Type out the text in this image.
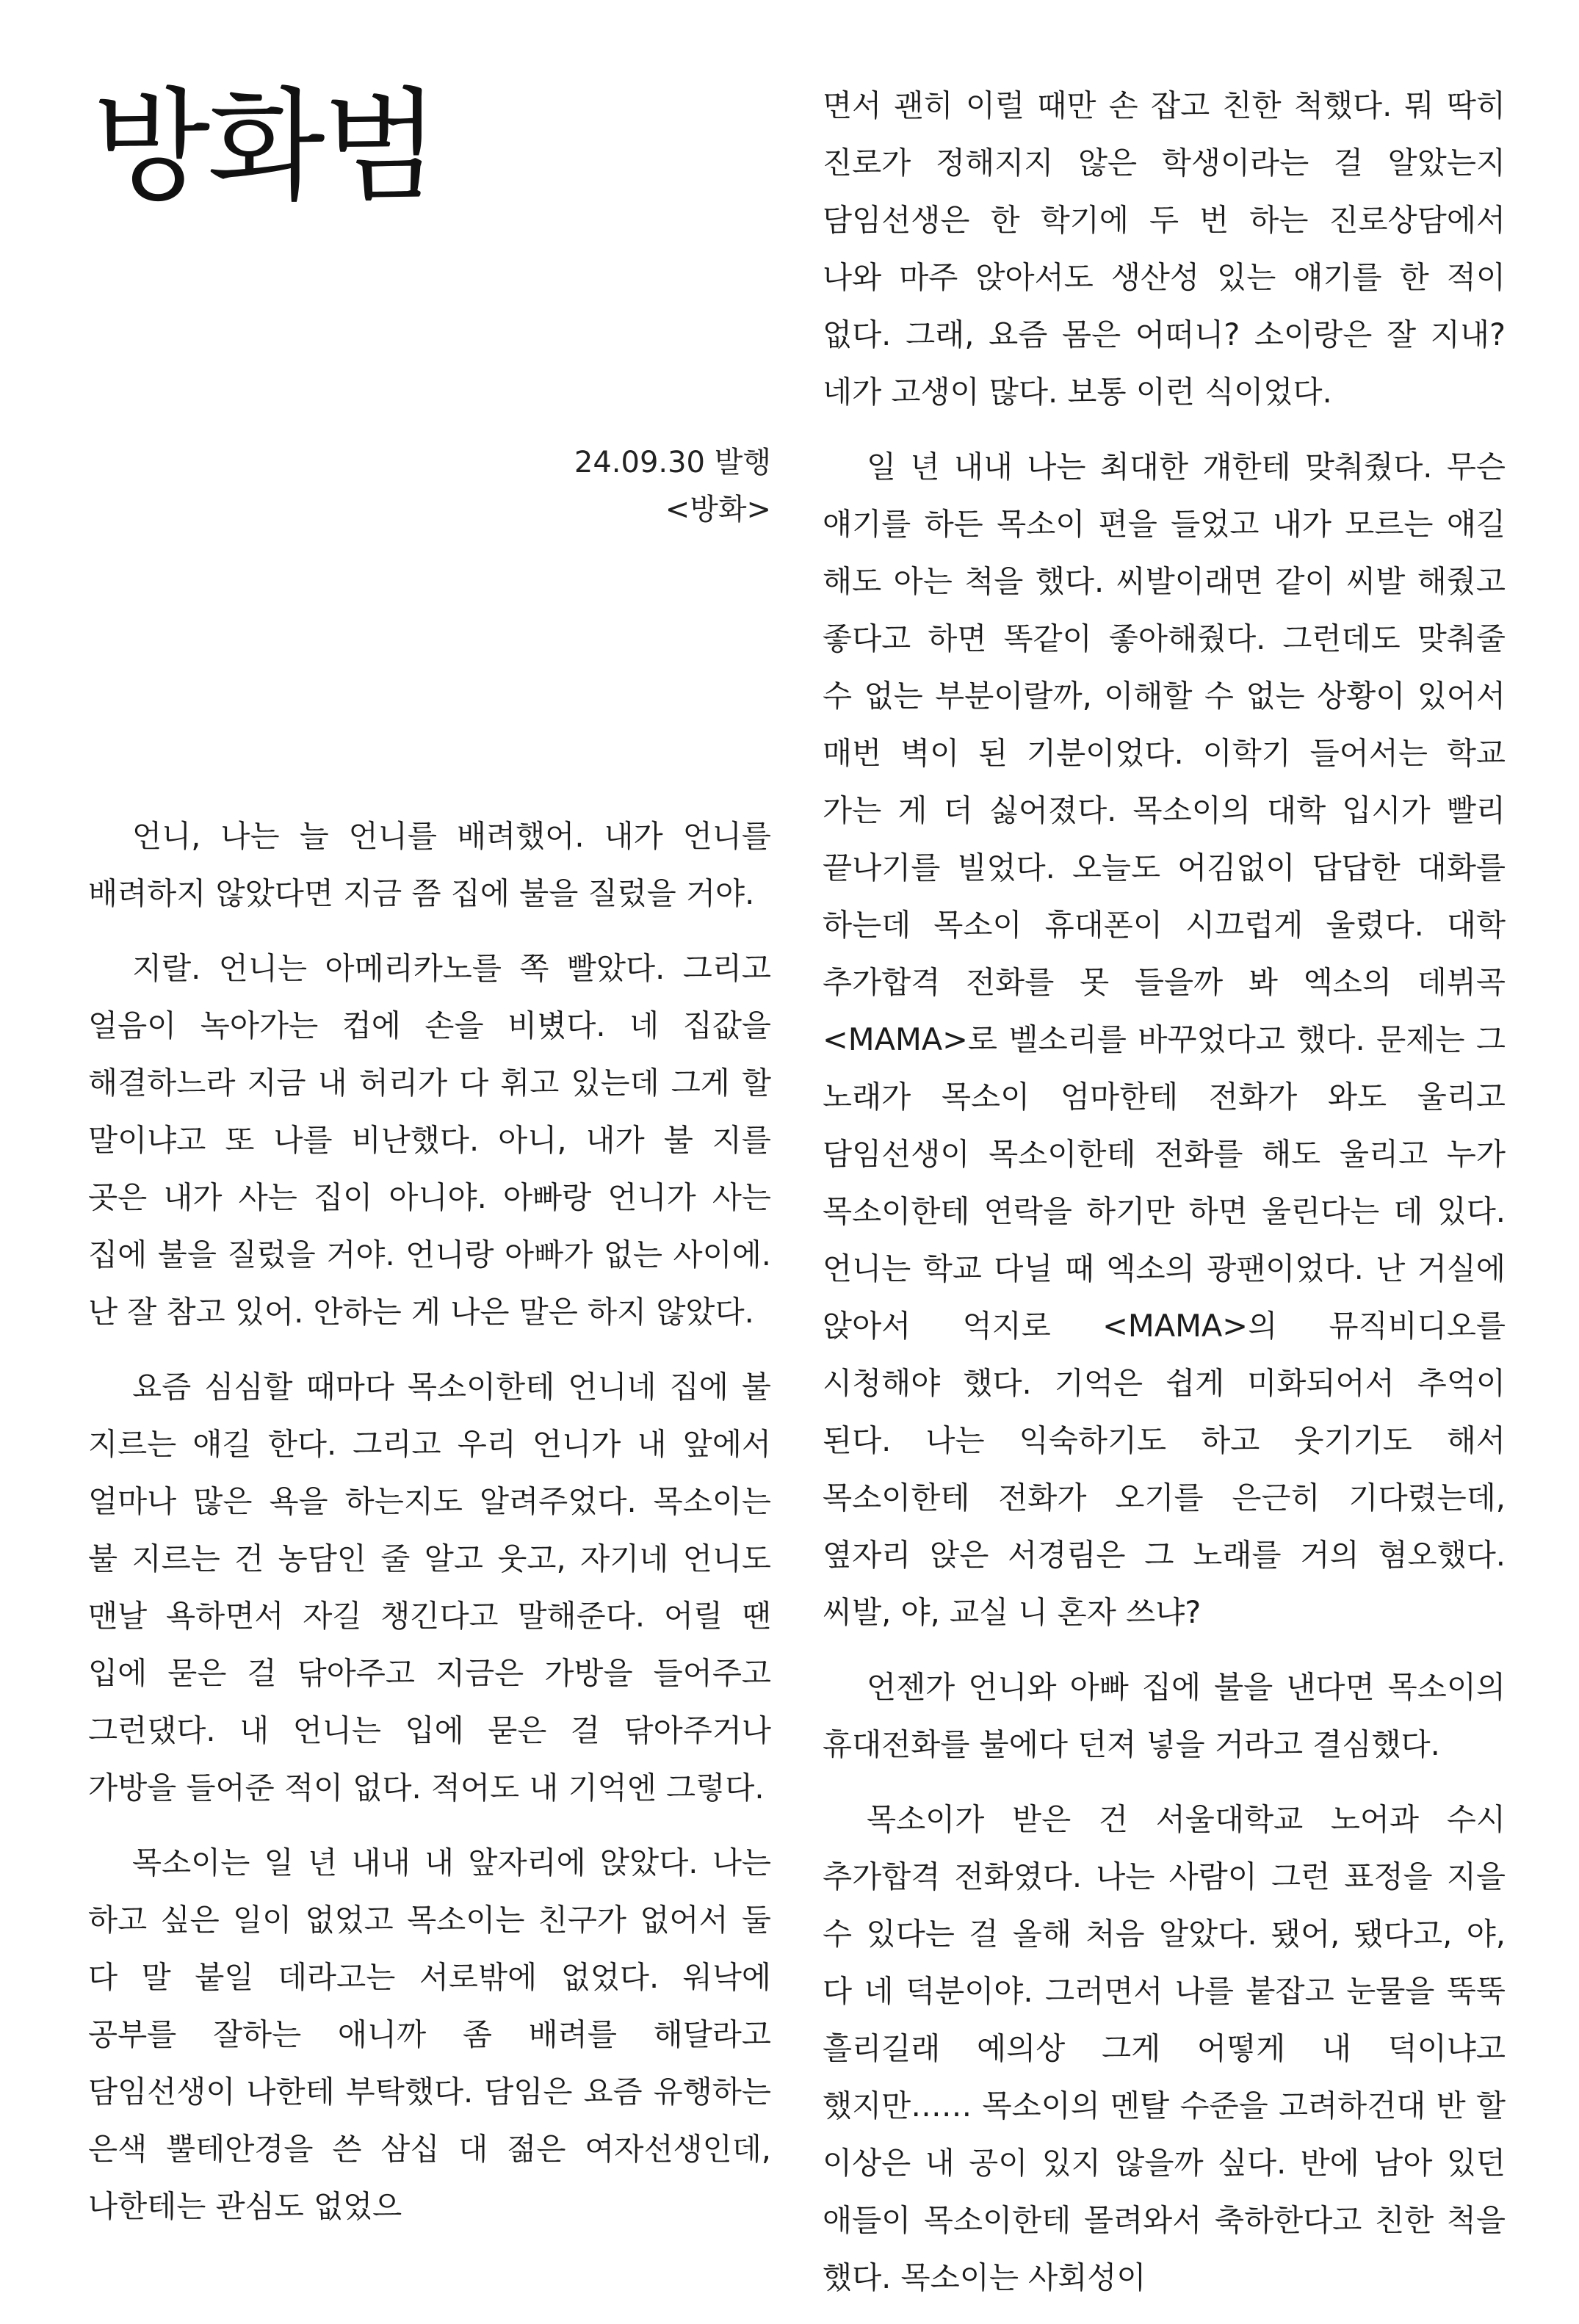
방화범
24.09.30 발행
<방화>

언니, 나는 늘 언니를 배려했어. 내가 언니를 배려하지 않았다면 지금 쯤 집에 불을 질렀을 거야.

지랄. 언니는 아메리카노를 쪽 빨았다. 그리고 얼음이 녹아가는 컵에 손을 비볐다. 네 집값을 해결하느라 지금 내 허리가 다 휘고 있는데 그게 할 말이냐고 또 나를 비난했다. 아니, 내가 불 지를 곳은 내가 사는 집이 아니야. 아빠랑 언니가 사는 집에 불을 질렀을 거야. 언니랑 아빠가 없는 사이에. 난 잘 참고 있어. 안하는 게 나은 말은 하지 않았다.

요즘 심심할 때마다 목소이한테 언니네 집에 불 지르는 얘길 한다. 그리고 우리 언니가 내 앞에서 얼마나 많은 욕을 하는지도 알려주었다. 목소이는 불 지르는 건 농담인 줄 알고 웃고, 자기네 언니도 맨날 욕하면서 자길 챙긴다고 말해준다. 어릴 땐 입에 묻은 걸 닦아주고 지금은 가방을 들어주고 그런댔다. 내 언니는 입에 묻은 걸 닦아주거나 가방을 들어준 적이 없다. 적어도 내 기억엔 그렇다.

목소이는 일 년 내내 내 앞자리에 앉았다. 나는 하고 싶은 일이 없었고 목소이는 친구가 없어서 둘 다 말 붙일 데라고는 서로밖에 없었다. 워낙에 공부를 잘하는 애니까 좀 배려를 해달라고 담임선생이 나한테 부탁했다. 담임은 요즘 유행하는 은색 뿔테안경을 쓴 삼십 대 젊은 여자선생인데, 나한테는 관심도 없었으

면서 괜히 이럴 때만 손 잡고 친한 척했다. 뭐 딱히 진로가 정해지지 않은 학생이라는 걸 알았는지 담임선생은 한 학기에 두 번 하는 진로상담에서 나와 마주 앉아서도 생산성 있는 얘기를 한 적이 없다. 그래, 요즘 몸은 어떠니? 소이랑은 잘 지내? 네가 고생이 많다. 보통 이런 식이었다.

일 년 내내 나는 최대한 걔한테 맞춰줬다. 무슨 얘기를 하든 목소이 편을 들었고 내가 모르는 얘길 해도 아는 척을 했다. 씨발이래면 같이 씨발 해줬고 좋다고 하면 똑같이 좋아해줬다. 그런데도 맞춰줄 수 없는 부분이랄까, 이해할 수 없는 상황이 있어서 매번 벽이 된 기분이었다. 이학기 들어서는 학교 가는 게 더 싫어졌다. 목소이의 대학 입시가 빨리 끝나기를 빌었다. 오늘도 어김없이 답답한 대화를 하는데 목소이 휴대폰이 시끄럽게 울렸다. 대학 추가합격 전화를 못 들을까 봐 엑소의 데뷔곡 <MAMA>로 벨소리를 바꾸었다고 했다. 문제는 그 노래가 목소이 엄마한테 전화가 와도 울리고 담임선생이 목소이한테 전화를 해도 울리고 누가 목소이한테 연락을 하기만 하면 울린다는 데 있다. 언니는 학교 다닐 때 엑소의 광팬이었다. 난 거실에 앉아서 억지로 <MAMA>의 뮤직비디오를 시청해야 했다. 기억은 쉽게 미화되어서 추억이 된다. 나는 익숙하기도 하고 웃기기도 해서 목소이한테 전화가 오기를 은근히 기다렸는데, 옆자리 앉은 서경림은 그 노래를 거의 혐오했다. 씨발, 야, 교실 니 혼자 쓰냐?

언젠가 언니와 아빠 집에 불을 낸다면 목소이의 휴대전화를 불에다 던져 넣을 거라고 결심했다.

목소이가 받은 건 서울대학교 노어과 수시 추가합격 전화였다. 나는 사람이 그런 표정을 지을 수 있다는 걸 올해 처음 알았다. 됐어, 됐다고, 야, 다 네 덕분이야. 그러면서 나를 붙잡고 눈물을 뚝뚝 흘리길래 예의상 그게 어떻게 내 덕이냐고 했지만…… 목소이의 멘탈 수준을 고려하건대 반 할 이상은 내 공이 있지 않을까 싶다. 반에 남아 있던 애들이 목소이한테 몰려와서 축하한다고 친한 척을 했다. 목소이는 사회성이
